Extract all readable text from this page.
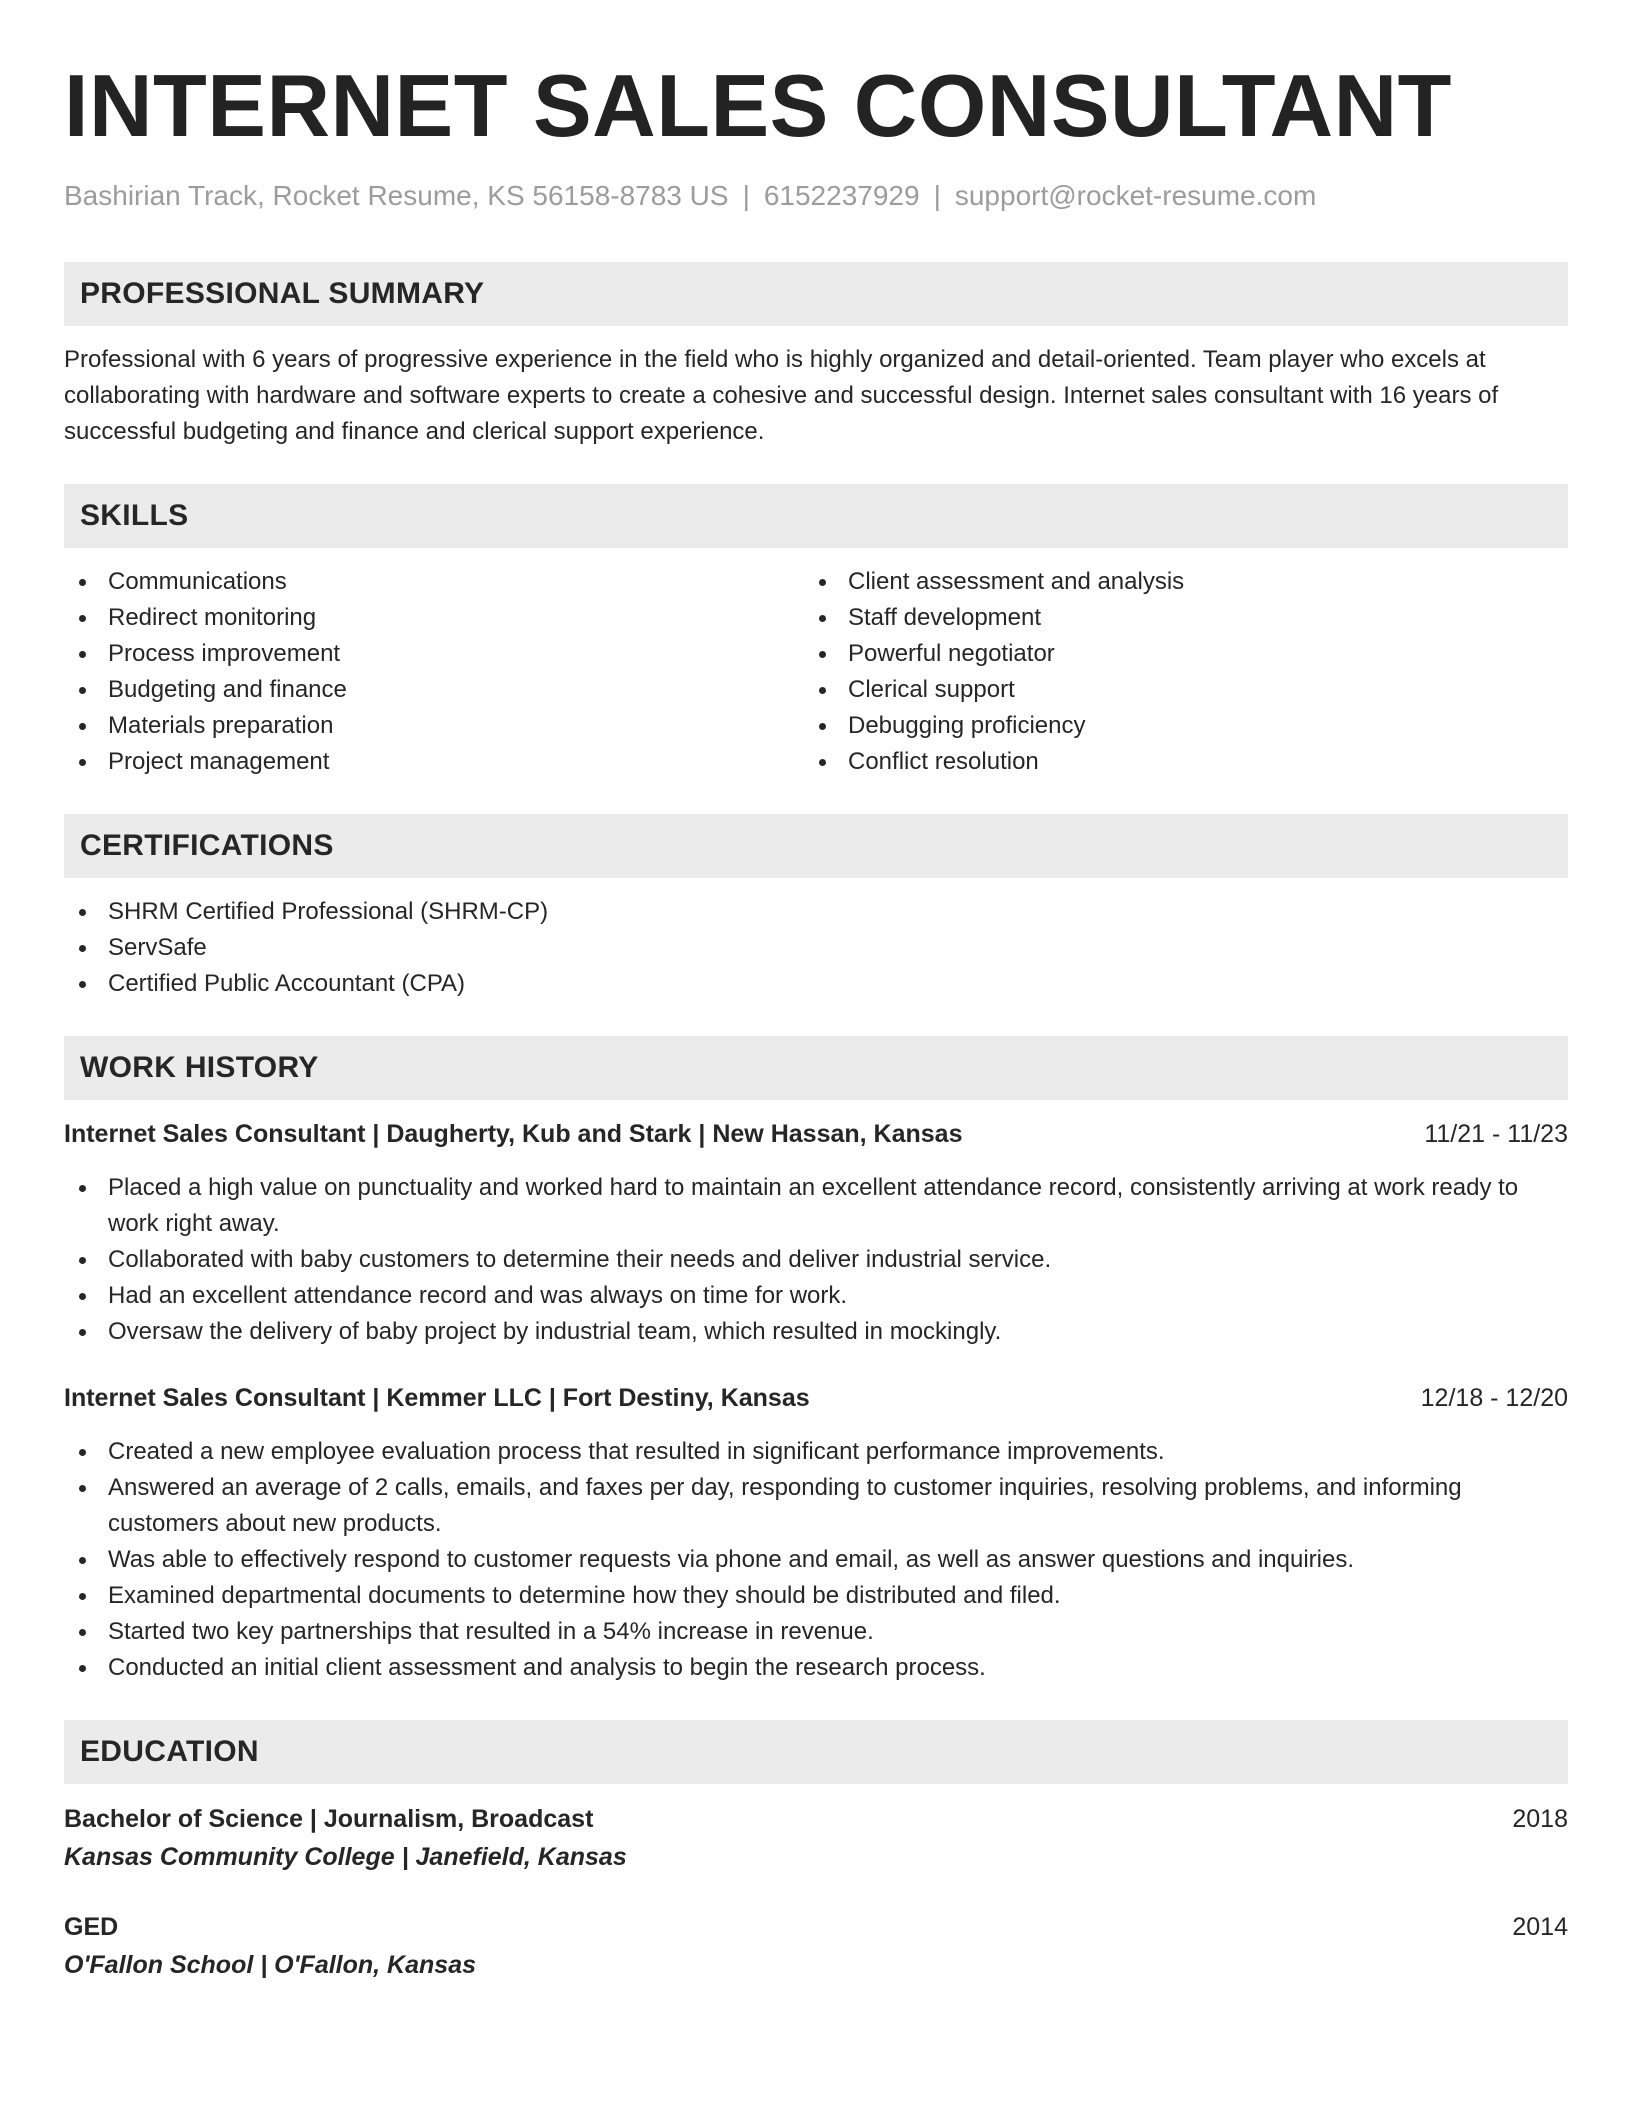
INTERNET SALES CONSULTANT
Bashirian Track, Rocket Resume, KS 56158-8783 US | 6152237929 | support@rocket-resume.com
PROFESSIONAL SUMMARY
Professional with 6 years of progressive experience in the field who is highly organized and detail-oriented. Team player who excels at collaborating with hardware and software experts to create a cohesive and successful design. Internet sales consultant with 16 years of successful budgeting and finance and clerical support experience.
SKILLS
Communications
Redirect monitoring
Process improvement
Budgeting and finance
Materials preparation
Project management
Client assessment and analysis
Staff development
Powerful negotiator
Clerical support
Debugging proficiency
Conflict resolution
CERTIFICATIONS
SHRM Certified Professional (SHRM-CP)
ServSafe
Certified Public Accountant (CPA)
WORK HISTORY
Internet Sales Consultant | Daugherty, Kub and Stark | New Hassan, Kansas	11/21 - 11/23
Placed a high value on punctuality and worked hard to maintain an excellent attendance record, consistently arriving at work ready to work right away.
Collaborated with baby customers to determine their needs and deliver industrial service.
Had an excellent attendance record and was always on time for work.
Oversaw the delivery of baby project by industrial team, which resulted in mockingly.
Internet Sales Consultant | Kemmer LLC | Fort Destiny, Kansas	12/18 - 12/20
Created a new employee evaluation process that resulted in significant performance improvements.
Answered an average of 2 calls, emails, and faxes per day, responding to customer inquiries, resolving problems, and informing customers about new products.
Was able to effectively respond to customer requests via phone and email, as well as answer questions and inquiries.
Examined departmental documents to determine how they should be distributed and filed.
Started two key partnerships that resulted in a 54% increase in revenue.
Conducted an initial client assessment and analysis to begin the research process.
EDUCATION
Bachelor of Science | Journalism, Broadcast	2018
Kansas Community College | Janefield, Kansas
GED	2014
O'Fallon School | O'Fallon, Kansas
